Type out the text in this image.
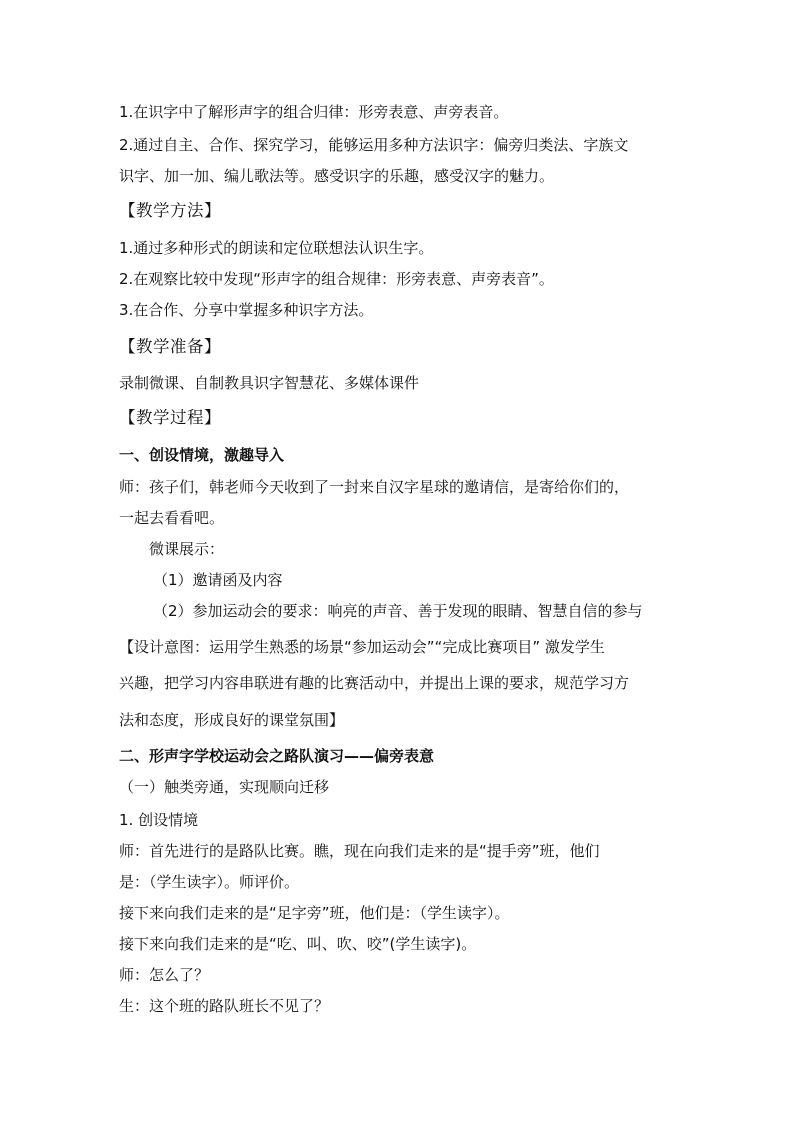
1.在识字中了解形声字的组合归律：形旁表意、声旁表音。
2.通过自主、合作、探究学习，能够运用多种方法识字：偏旁归类法、字族文
识字、加一加、编儿歌法等。感受识字的乐趣，感受汉字的魅力。
【教学方法】
1.通过多种形式的朗读和定位联想法认识生字。
2.在观察比较中发现“形声字的组合规律：形旁表意、声旁表音”。
3.在合作、分享中掌握多种识字方法。
【教学准备】
录制微课、自制教具识字智慧花、多媒体课件
【教学过程】
一、创设情境，激趣导入
师：孩子们，韩老师今天收到了一封来自汉字星球的邀请信，是寄给你们的，
一起去看看吧。
微课展示：
（1）邀请函及内容
（2）参加运动会的要求：响亮的声音、善于发现的眼睛、智慧自信的参与
【设计意图：运用学生熟悉的场景“参加运动会”“完成比赛项目” 激发学生
兴趣，把学习内容串联进有趣的比赛活动中，并提出上课的要求，规范学习方
法和态度，形成良好的课堂氛围】
二、形声字学校运动会之路队演习——偏旁表意
（一）触类旁通，实现顺向迁移
1. 创设情境
师：首先进行的是路队比赛。瞧，现在向我们走来的是“提手旁”班，他们
是：（学生读字）。师评价。
接下来向我们走来的是“足字旁”班，他们是：（学生读字）。
接下来向我们走来的是“吃、叫、吹、咬”(学生读字)。
师：怎么了？
生：这个班的路队班长不见了？
